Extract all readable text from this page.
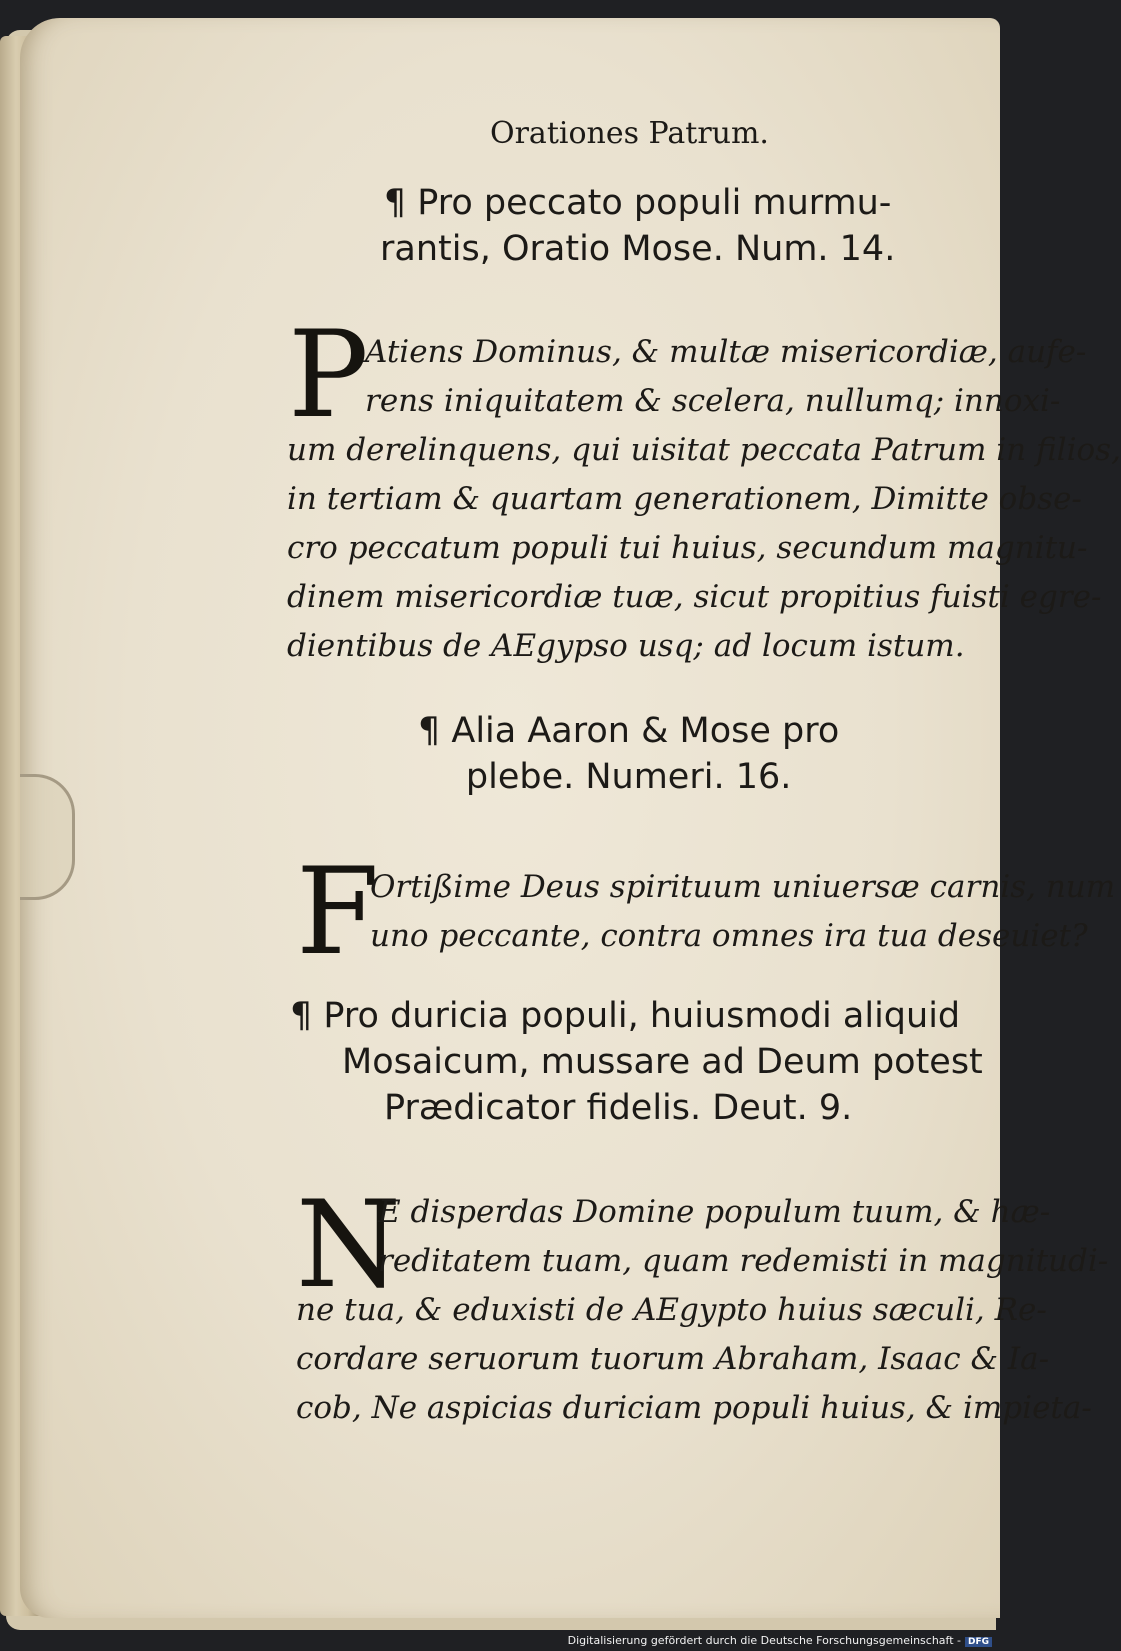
Orationes Patrum.
¶ Pro peccato populi murmu-
rantis, Oratio Mose. Num. 14.
P
Atiens Dominus, & multæ misericordiæ, aufe-
rens iniquitatem & scelera, nullumq; innoxi-
um derelinquens, qui uisitat peccata Patrum in filios,
in tertiam & quartam generationem, Dimitte obse-
cro peccatum populi tui huius, secundum magnitu-
dinem misericordiæ tuæ, sicut propitius fuisti egre-
dientibus de AEgypso usq; ad locum istum.
¶ Alia Aaron & Mose pro
plebe. Numeri. 16.
F
Ortißime Deus spirituum uniuersæ carnis, num
uno peccante, contra omnes ira tua deseuiet?
¶ Pro duricia populi, huiusmodi aliquid
Mosaicum, mussare ad Deum potest
Prædicator fidelis. Deut. 9.
N
E disperdas Domine populum tuum, & hæ-
reditatem tuam, quam redemisti in magnitudi-
ne tua, & eduxisti de AEgypto huius sæculi, Re-
cordare seruorum tuorum Abraham, Isaac & Ia-
cob, Ne aspicias duriciam populi huius, & impieta-
Digitalisierung gefördert durch die Deutsche Forschungsgemeinschaft - DFG
